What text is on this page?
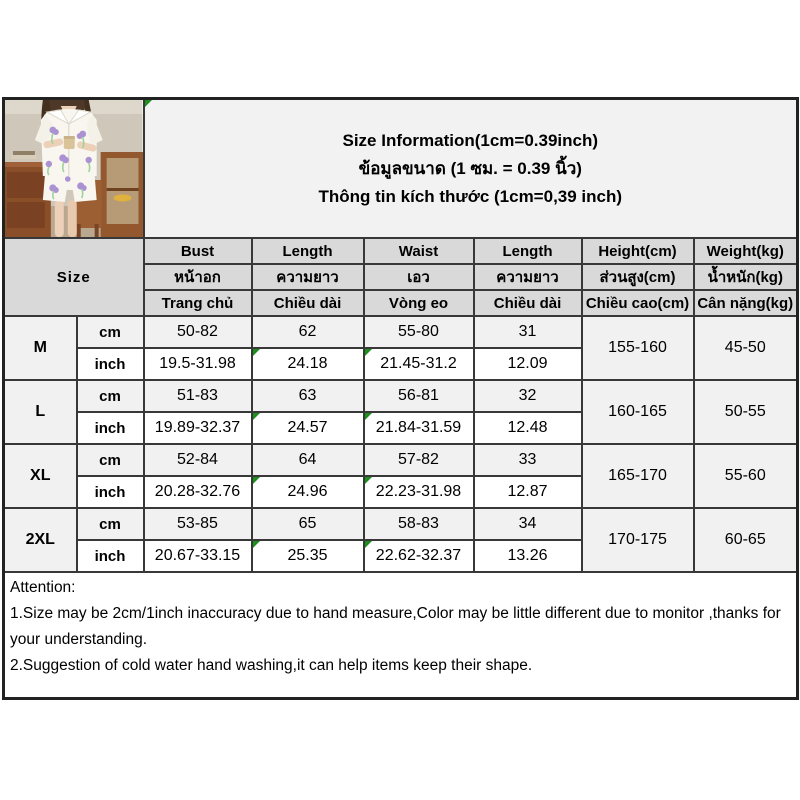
Size Information(1cm=0.39inch)
ข้อมูลขนาด (1 ซม. = 0.39 นิ้ว)
Thông tin kích thước (1cm=0,39 inch)					

Size		Bust	Length	Waist	Length	Height(cm)	Weight(kg)
		หน้าอก	ความยาว	เอว	ความยาว	ส่วนสูง(cm)	น้ำหนัก(kg)
		Trang chủ	Chiều dài	Vòng eo	Chiều dài	Chiều cao(cm)	Cân nặng(kg)
M	cm	50-82	62	55-80	31	155-160	45-50
	inch	19.5-31.98	24.18	21.45-31.2	12.09		
L	cm	51-83	63	56-81	32	160-165	50-55
	inch	19.89-32.37	24.57	21.84-31.59	12.48		
XL	cm	52-84	64	57-82	33	165-170	55-60
	inch	20.28-32.76	24.96	22.23-31.98	12.87		
2XL	cm	53-85	65	58-83	34	170-175	60-65
	inch	20.67-33.15	25.35	22.62-32.37	13.26		

Attention:
1.Size may be 2cm/1inch inaccuracy due to hand measure,Color may be little different due to monitor ,thanks for your understanding.
2.Suggestion of cold water hand washing,it can help items keep their shape.							
